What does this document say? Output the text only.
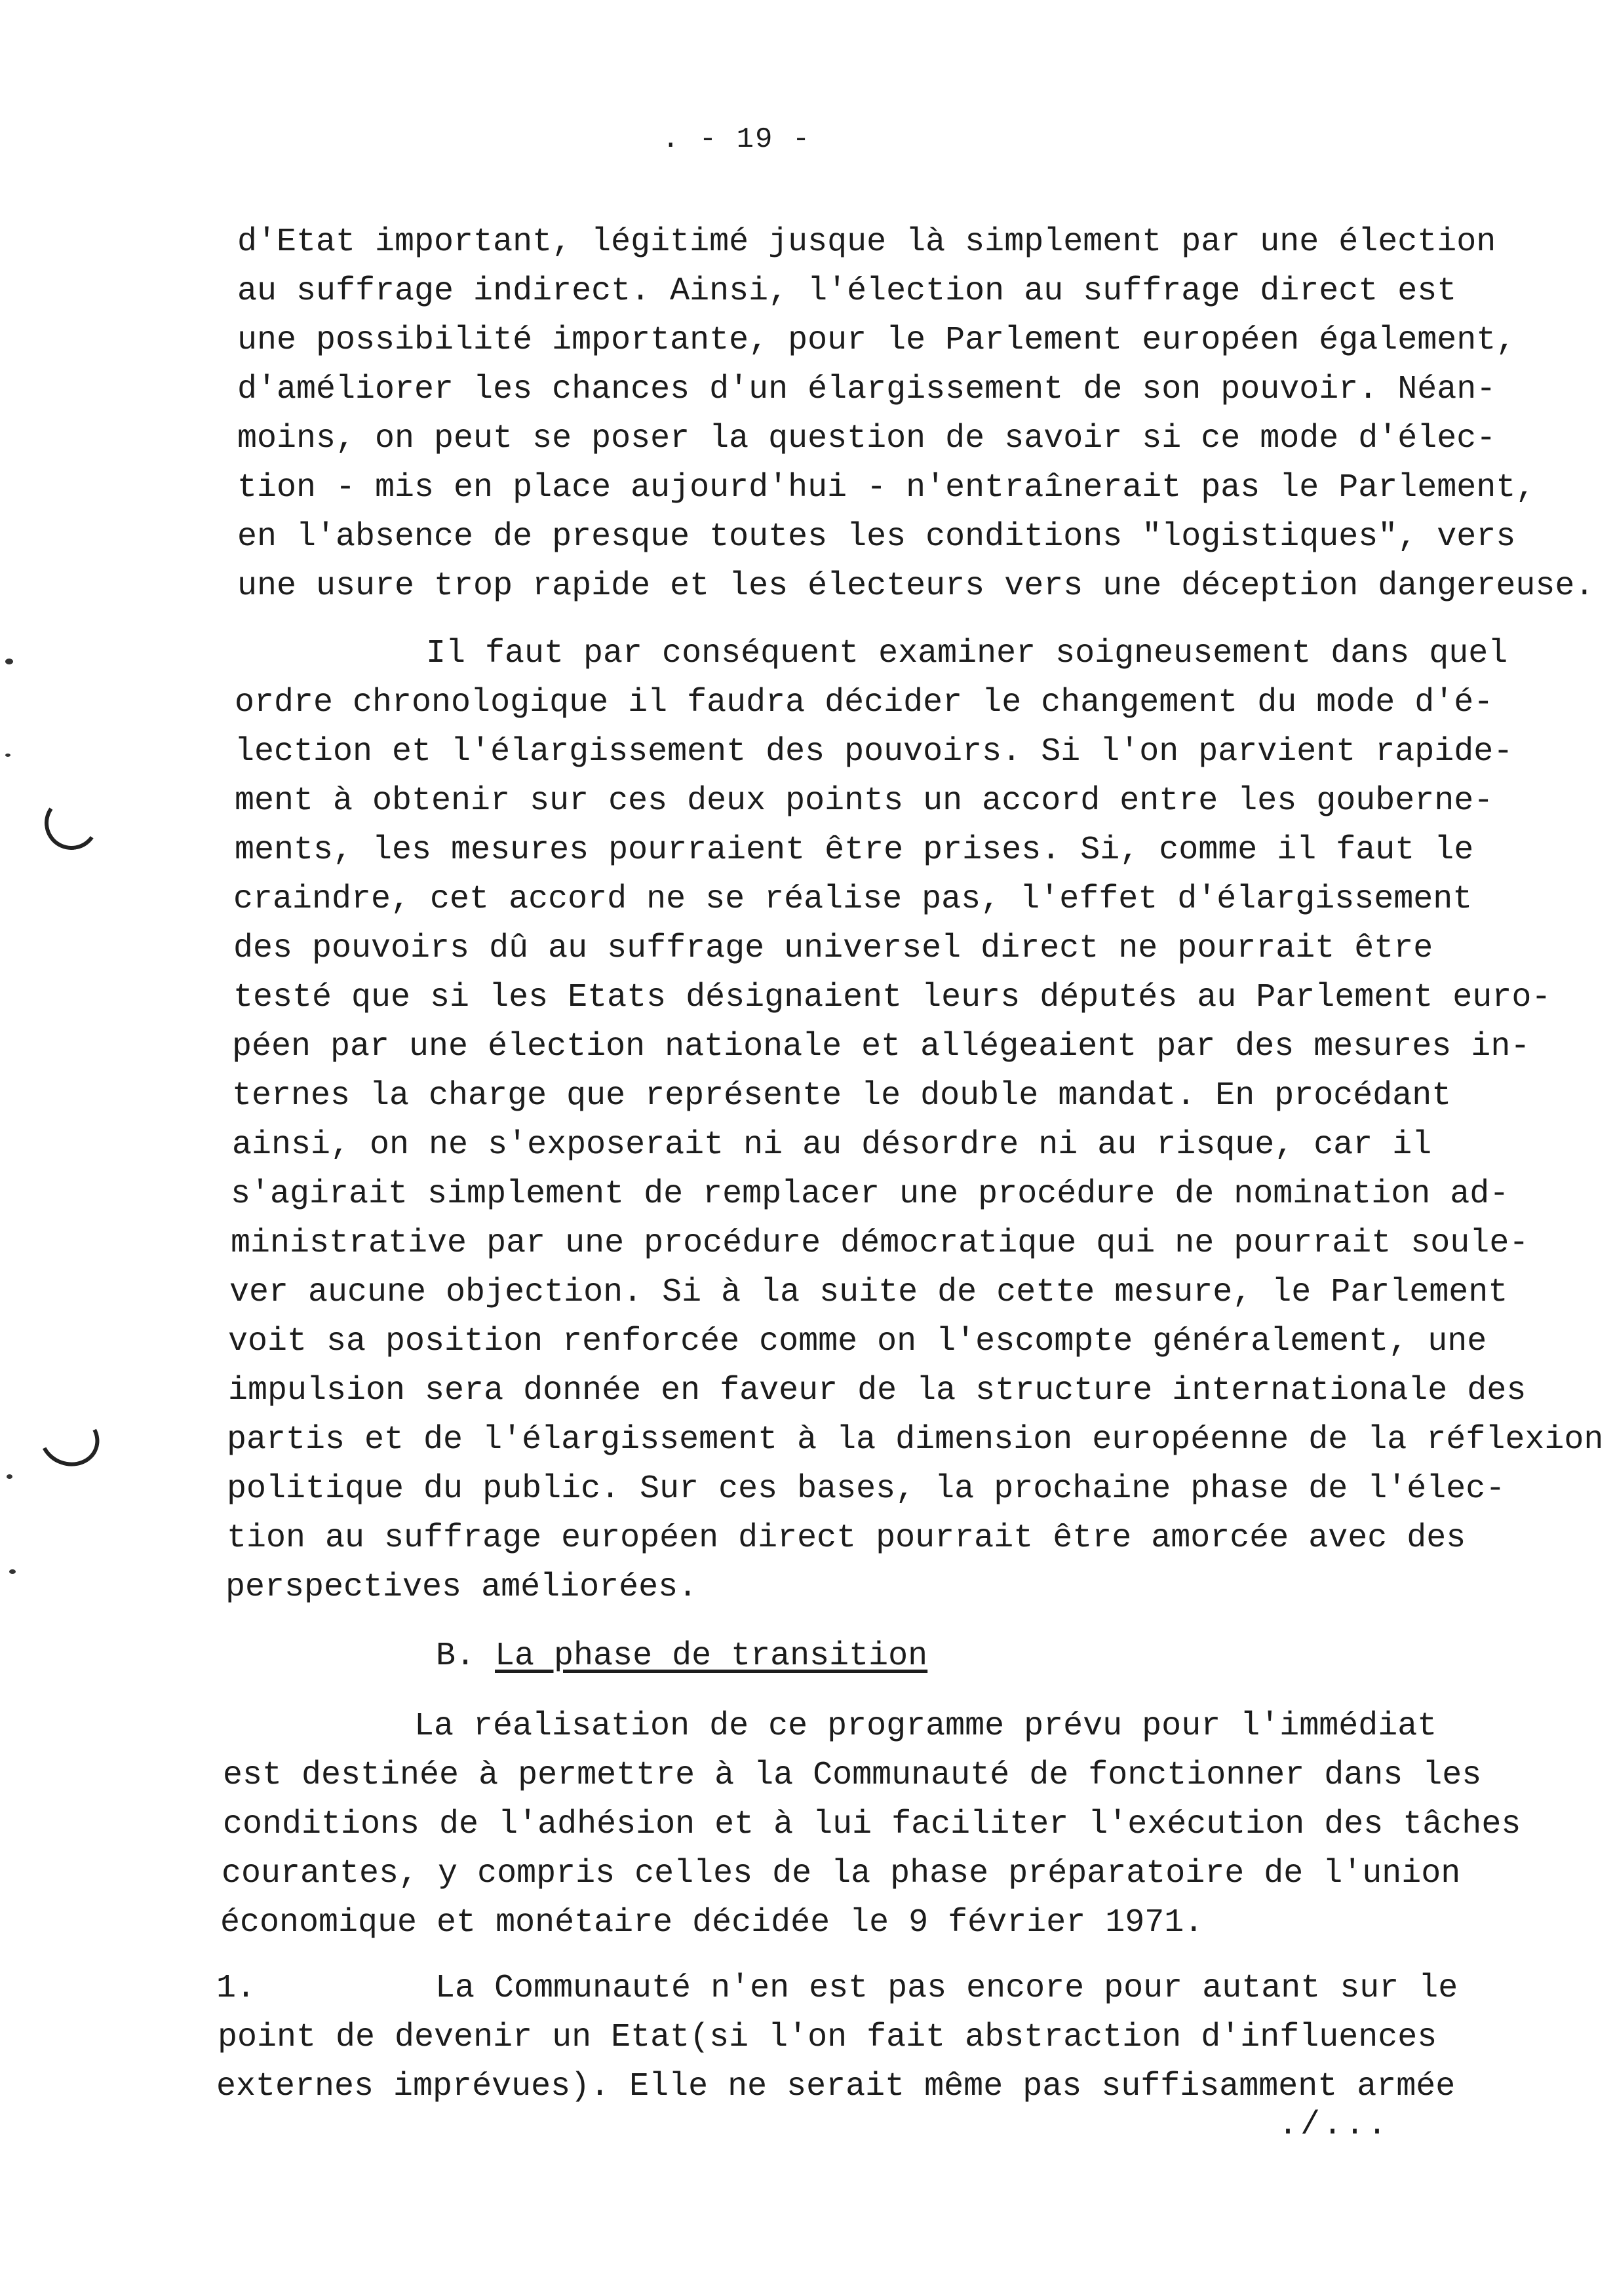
. - 19 -
d'Etat important, légitimé jusque là simplement par une élection
au suffrage indirect. Ainsi, l'élection au suffrage direct est
une possibilité importante, pour le Parlement européen également,
d'améliorer les chances d'un élargissement de son pouvoir. Néan-
moins, on peut se poser la question de savoir si ce mode d'élec-
tion - mis en place aujourd'hui - n'entraînerait pas le Parlement,
en l'absence de presque toutes les conditions "logistiques", vers
une usure trop rapide et les électeurs vers une déception dangereuse.
Il faut par conséquent examiner soigneusement dans quel
ordre chronologique il faudra décider le changement du mode d'é-
lection et l'élargissement des pouvoirs. Si l'on parvient rapide-
ment à obtenir sur ces deux points un accord entre les gouberne-
ments, les mesures pourraient être prises. Si, comme il faut le
craindre, cet accord ne se réalise pas, l'effet d'élargissement
des pouvoirs dû au suffrage universel direct ne pourrait être
testé que si les Etats désignaient leurs députés au Parlement euro-
péen par une élection nationale et allégeaient par des mesures in-
ternes la charge que représente le double mandat. En procédant
ainsi, on ne s'exposerait ni au désordre ni au risque, car il
s'agirait simplement de remplacer une procédure de nomination ad-
ministrative par une procédure démocratique qui ne pourrait soule-
ver aucune objection. Si à la suite de cette mesure, le Parlement
voit sa position renforcée comme on l'escompte généralement, une
impulsion sera donnée en faveur de la structure internationale des
partis et de l'élargissement à la dimension européenne de la réflexion
politique du public. Sur ces bases, la prochaine phase de l'élec-
tion au suffrage européen direct pourrait être amorcée avec des
perspectives améliorées.
B. La phase de transition
La réalisation de ce programme prévu pour l'immédiat
est destinée à permettre à la Communauté de fonctionner dans les
conditions de l'adhésion et à lui faciliter l'exécution des tâches
courantes, y compris celles de la phase préparatoire de l'union
économique et monétaire décidée le 9 février 1971.
1.	La Communauté n'en est pas encore pour autant sur le
point de devenir un Etat(si l'on fait abstraction d'influences
externes imprévues). Elle ne serait même pas suffisamment armée
./...
